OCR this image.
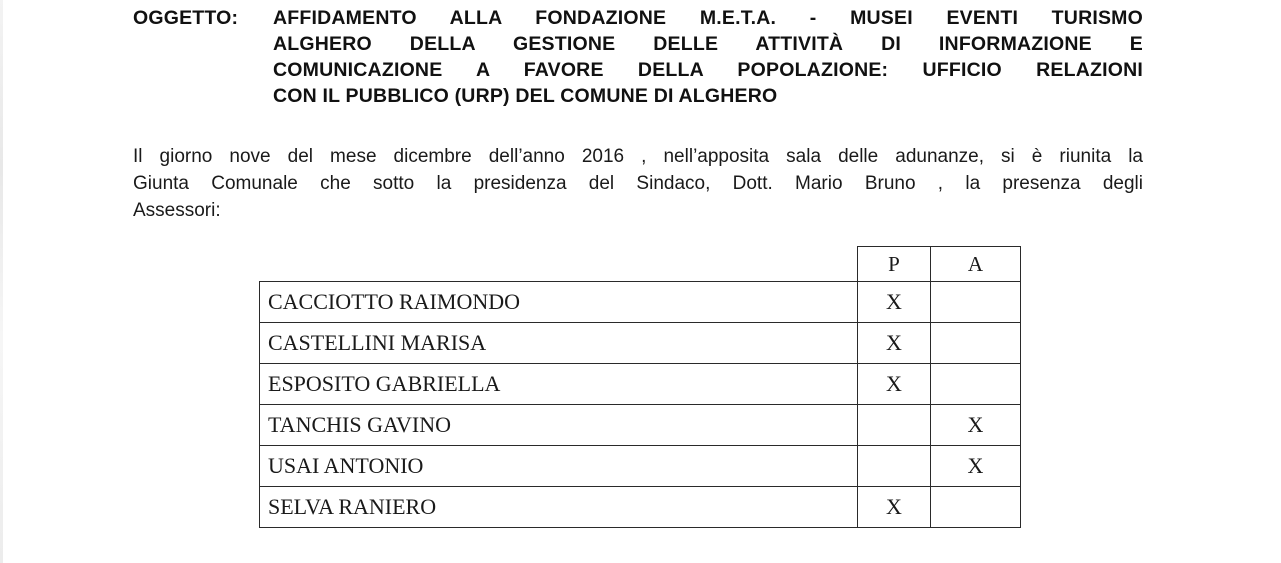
OGGETTO:	AFFIDAMENTO ALLA FONDAZIONE M.E.T.A. - MUSEI EVENTI TURISMO
ALGHERO DELLA GESTIONE DELLE ATTIVITÀ DI INFORMAZIONE E
COMUNICAZIONE A FAVORE DELLA POPOLAZIONE: UFFICIO RELAZIONI
CON IL PUBBLICO (URP) DEL COMUNE DI ALGHERO
Il giorno nove del mese dicembre dell’anno 2016 , nell’apposita sala delle adunanze, si è riunita la
Giunta Comunale che sotto la presidenza del Sindaco, Dott. Mario Bruno , la presenza degli
Assessori:
	P	A
CACCIOTTO RAIMONDO	X	
CASTELLINI MARISA	X	
ESPOSITO GABRIELLA	X	
TANCHIS GAVINO		X
USAI ANTONIO		X
SELVA RANIERO	X	
